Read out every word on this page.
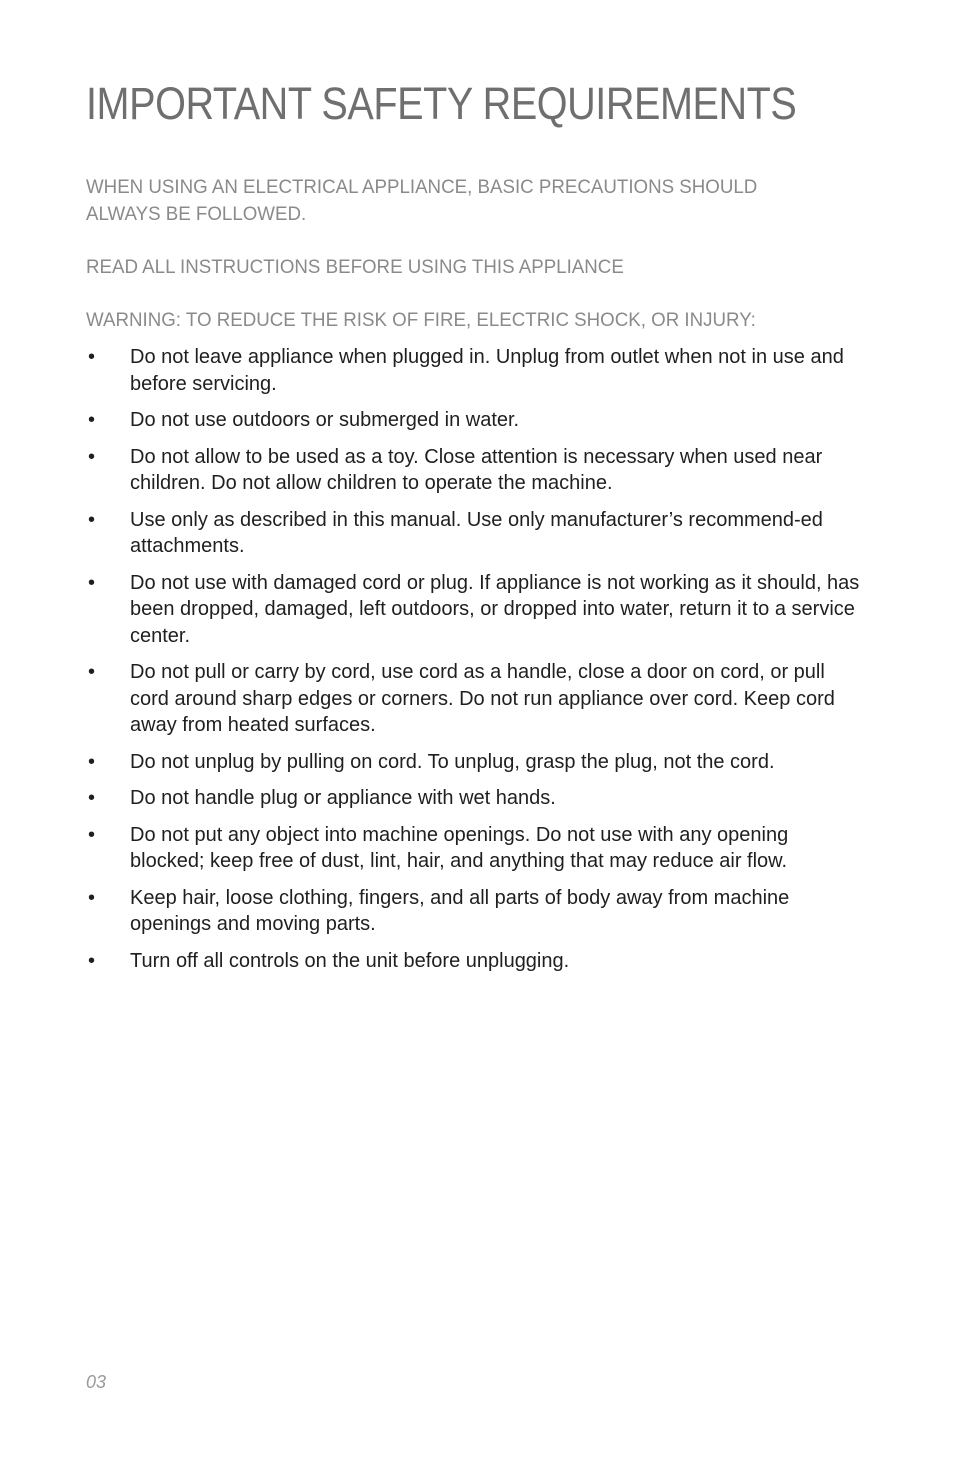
IMPORTANT SAFETY REQUIREMENTS

WHEN USING AN ELECTRICAL APPLIANCE, BASIC PRECAUTIONS SHOULD ALWAYS BE FOLLOWED.

READ ALL INSTRUCTIONS BEFORE USING THIS APPLIANCE

WARNING: TO REDUCE THE RISK OF FIRE, ELECTRIC SHOCK, OR INJURY:

• Do not leave appliance when plugged in. Unplug from outlet when not in use and before servicing.
• Do not use outdoors or submerged in water.
• Do not allow to be used as a toy. Close attention is necessary when used near children. Do not allow children to operate the machine.
• Use only as described in this manual. Use only manufacturer’s recommend-ed attachments.
• Do not use with damaged cord or plug. If appliance is not working as it should, has been dropped, damaged, left outdoors, or dropped into water, return it to a service center.
• Do not pull or carry by cord, use cord as a handle, close a door on cord, or pull cord around sharp edges or corners. Do not run appliance over cord. Keep cord away from heated surfaces.
• Do not unplug by pulling on cord. To unplug, grasp the plug, not the cord.
• Do not handle plug or appliance with wet hands.
• Do not put any object into machine openings. Do not use with any opening blocked; keep free of dust, lint, hair, and anything that may reduce air flow.
• Keep hair, loose clothing, fingers, and all parts of body away from machine openings and moving parts.
• Turn off all controls on the unit before unplugging.
03
